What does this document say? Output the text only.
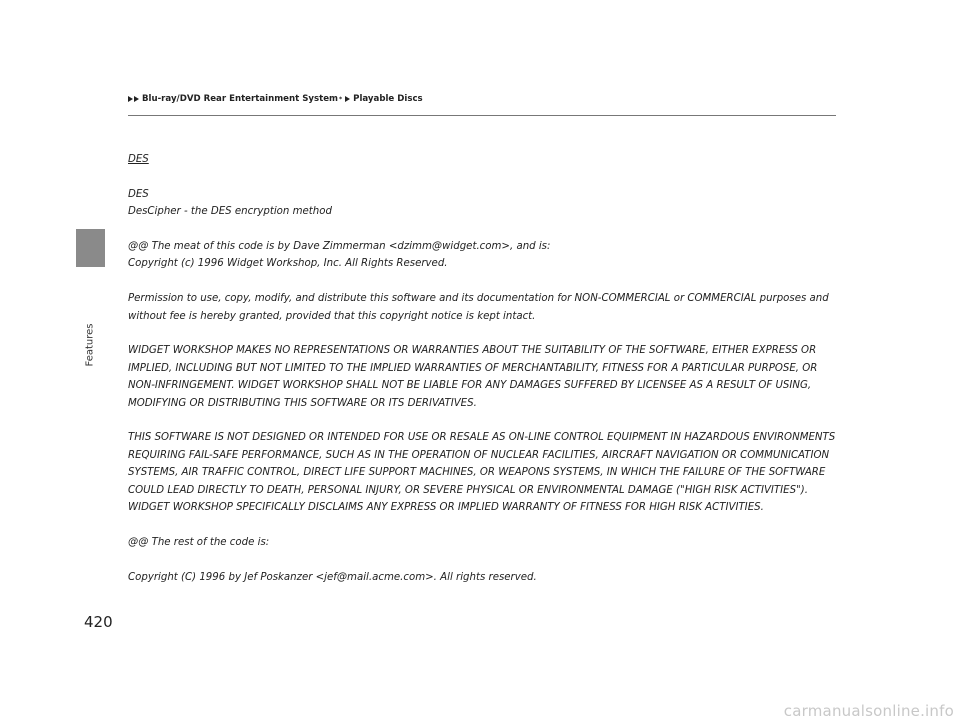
Features
Blu-ray/DVD Rear Entertainment System * Playable Discs

DES

DES

DesCipher - the DES encryption method

@@ The meat of this code is by Dave Zimmerman <dzimm@widget.com>, and is:

Copyright (c) 1996 Widget Workshop, Inc. All Rights Reserved.

Permission to use, copy, modify, and distribute this software and its documentation for NON-COMMERCIAL or COMMERCIAL purposes and without fee is hereby granted, provided that this copyright notice is kept intact.

WIDGET WORKSHOP MAKES NO REPRESENTATIONS OR WARRANTIES ABOUT THE SUITABILITY OF THE SOFTWARE, EITHER EXPRESS OR IMPLIED, INCLUDING BUT NOT LIMITED TO THE IMPLIED WARRANTIES OF MERCHANTABILITY, FITNESS FOR A PARTICULAR PURPOSE, OR NON-INFRINGEMENT. WIDGET WORKSHOP SHALL NOT BE LIABLE FOR ANY DAMAGES SUFFERED BY LICENSEE AS A RESULT OF USING, MODIFYING OR DISTRIBUTING THIS SOFTWARE OR ITS DERIVATIVES.

THIS SOFTWARE IS NOT DESIGNED OR INTENDED FOR USE OR RESALE AS ON-LINE CONTROL EQUIPMENT IN HAZARDOUS ENVIRONMENTS REQUIRING FAIL-SAFE PERFORMANCE, SUCH AS IN THE OPERATION OF NUCLEAR FACILITIES, AIRCRAFT NAVIGATION OR COMMUNICATION SYSTEMS, AIR TRAFFIC CONTROL, DIRECT LIFE SUPPORT MACHINES, OR WEAPONS SYSTEMS, IN WHICH THE FAILURE OF THE SOFTWARE COULD LEAD DIRECTLY TO DEATH, PERSONAL INJURY, OR SEVERE PHYSICAL OR ENVIRONMENTAL DAMAGE ("HIGH RISK ACTIVITIES"). WIDGET WORKSHOP SPECIFICALLY DISCLAIMS ANY EXPRESS OR IMPLIED WARRANTY OF FITNESS FOR HIGH RISK ACTIVITIES.

@@ The rest of the code is:

Copyright (C) 1996 by Jef Poskanzer <jef@mail.acme.com>. All rights reserved.

420
carmanualsonline.info
